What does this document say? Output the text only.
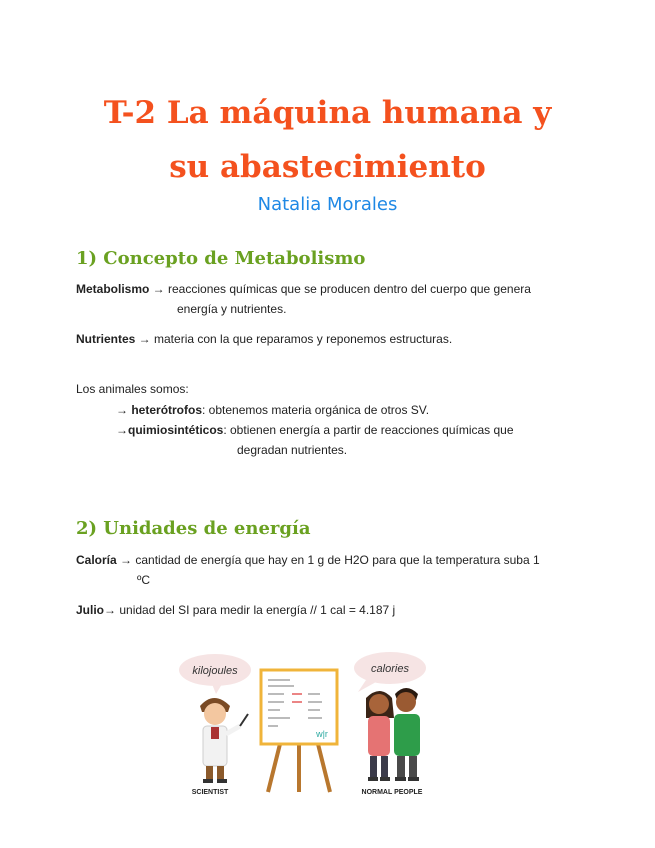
T-2 La máquina humana y
su abastecimiento

Natalia Morales

1) Concepto de Metabolismo

Metabolismo → reacciones químicas que se producen dentro del cuerpo que genera
energía y nutrientes.

Nutrientes → materia con la que reparamos y reponemos estructuras.

Los animales somos:

→ heterótrofos: obtenemos materia orgánica de otros SV.

→quimiosintéticos: obtienen energía a partir de reacciones químicas que
degradan nutrientes.

2) Unidades de energía

Caloría → cantidad de energía que hay en 1 g de H2O para que la temperatura suba 1
ºC

Julio→ unidad del SI para medir la energía // 1 cal = 4.187 j

kilojoules
SCIENTIST
w|r
calories
NORMAL PEOPLE
